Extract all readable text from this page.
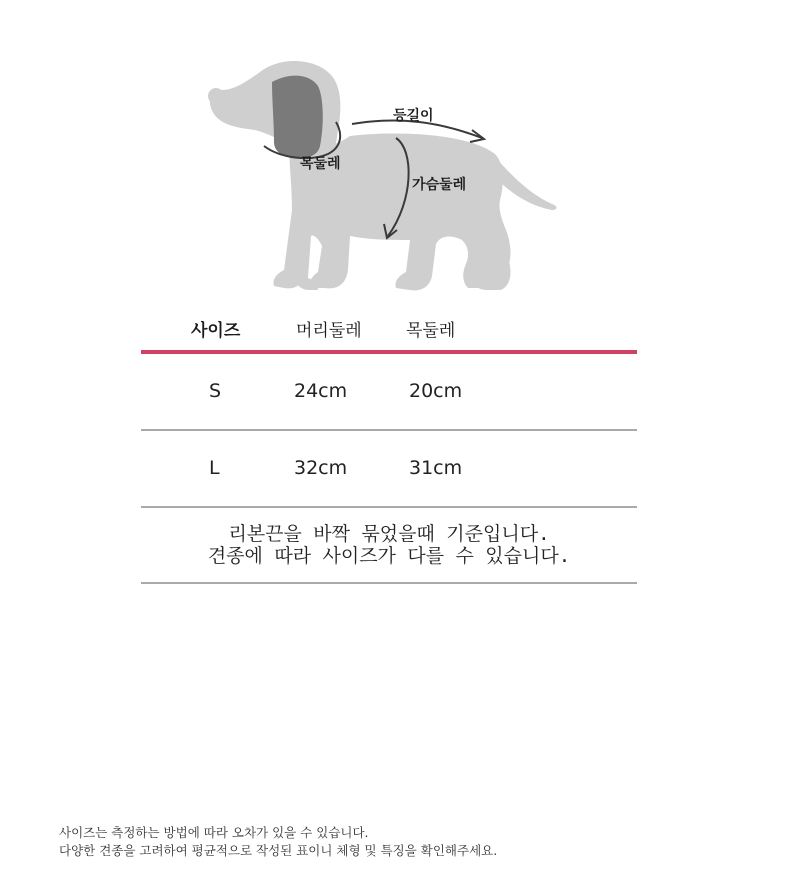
등길이
목둘레
가슴둘레
사이즈	머리둘레	목둘레
S	24cm	20cm
L	32cm	31cm
리본끈을 바짝 묶었을때 기준입니다.
견종에 따라 사이즈가 다를 수 있습니다.
사이즈는 측정하는 방법에 따라 오차가 있을 수 있습니다.
다양한 견종을 고려하여 평균적으로 작성된 표이니 체형 및 특징을 확인해주세요.
